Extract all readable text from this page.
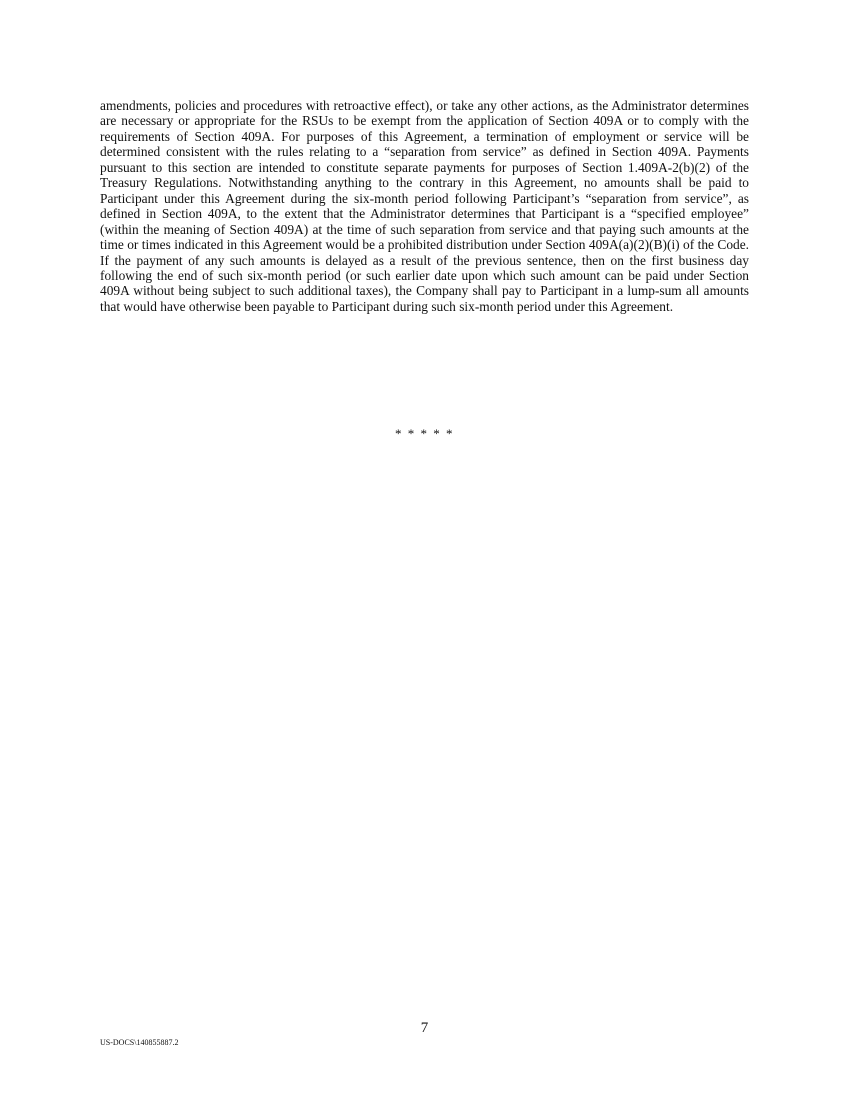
amendments, policies and procedures with retroactive effect), or take any other actions, as the Administrator determines are necessary or appropriate for the RSUs to be exempt from the application of Section 409A or to comply with the requirements of Section 409A. For purposes of this Agreement, a termination of employment or service will be determined consistent with the rules relating to a “separation from service” as defined in Section 409A. Payments pursuant to this section are intended to constitute separate payments for purposes of Section 1.409A-2(b)(2) of the Treasury Regulations. Notwithstanding anything to the contrary in this Agreement, no amounts shall be paid to Participant under this Agreement during the six-month period following Participant’s “separation from service”, as defined in Section 409A, to the extent that the Administrator determines that Participant is a “specified employee” (within the meaning of Section 409A) at the time of such separation from service and that paying such amounts at the time or times indicated in this Agreement would be a prohibited distribution under Section 409A(a)(2)(B)(i) of the Code. If the payment of any such amounts is delayed as a result of the previous sentence, then on the first business day following the end of such six-month period (or such earlier date upon which such amount can be paid under Section 409A without being subject to such additional taxes), the Company shall pay to Participant in a lump-sum all amounts that would have otherwise been payable to Participant during such six-month period under this Agreement.

* * * * *

7

US-DOCS\140855887.2
